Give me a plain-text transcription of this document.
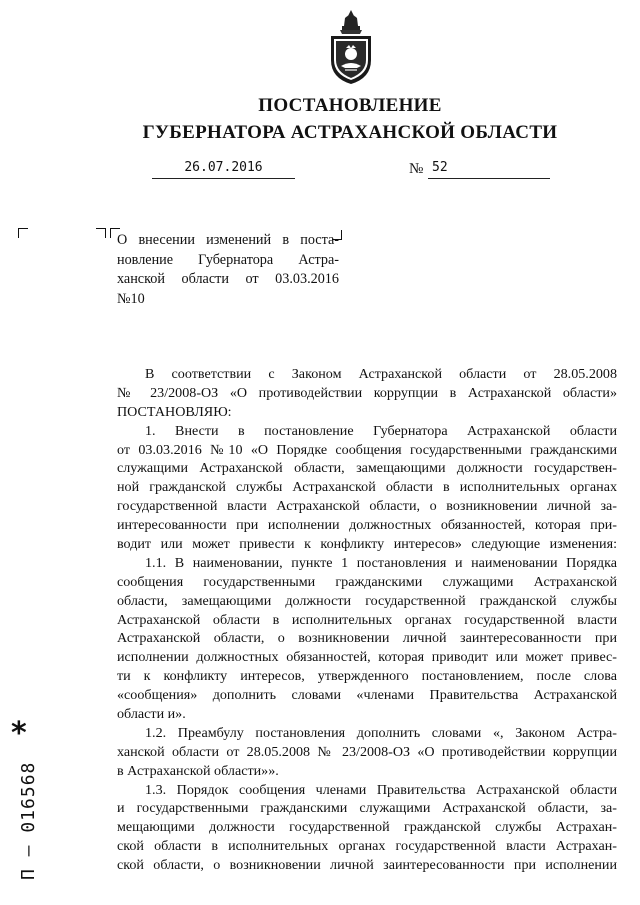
ПОСТАНОВЛЕНИЕ
ГУБЕРНАТОРА АСТРАХАНСКОЙ ОБЛАСТИ
26.07.2016	№ 52
О внесении изменений в поста-
новление Губернатора Астра-
ханской области от 03.03.2016
№10
В соответствии с Законом Астраханской области от 28.05.2008
№ 23/2008-ОЗ «О противодействии коррупции в Астраханской области»
ПОСТАНОВЛЯЮ:
1. Внести в постановление Губернатора Астраханской области
от 03.03.2016 №10 «О Порядке сообщения государственными гражданскими
служащими Астраханской области, замещающими должности государствен-
ной гражданской службы Астраханской области в исполнительных органах
государственной власти Астраханской области, о возникновении личной за-
интересованности при исполнении должностных обязанностей, которая при-
водит или может привести к конфликту интересов» следующие изменения:
1.1. В наименовании, пункте 1 постановления и наименовании Порядка
сообщения государственными гражданскими служащими Астраханской
области, замещающими должности государственной гражданской службы
Астраханской области в исполнительных органах государственной власти
Астраханской области, о возникновении личной заинтересованности при
исполнении должностных обязанностей, которая приводит или может привес-
ти к конфликту интересов, утвержденного постановлением, после слова
«сообщения» дополнить словами «членами Правительства Астраханской
области и».
1.2. Преамбулу постановления дополнить словами «, Законом Астра-
ханской области от 28.05.2008 № 23/2008-ОЗ «О противодействии коррупции
в Астраханской области»».
1.3. Порядок сообщения членами Правительства Астраханской области
и государственными гражданскими служащими Астраханской области, за-
мещающими должности государственной гражданской службы Астрахан-
ской области в исполнительных органах государственной власти Астрахан-
ской области, о возникновении личной заинтересованности при исполнении
*
П – 016568
